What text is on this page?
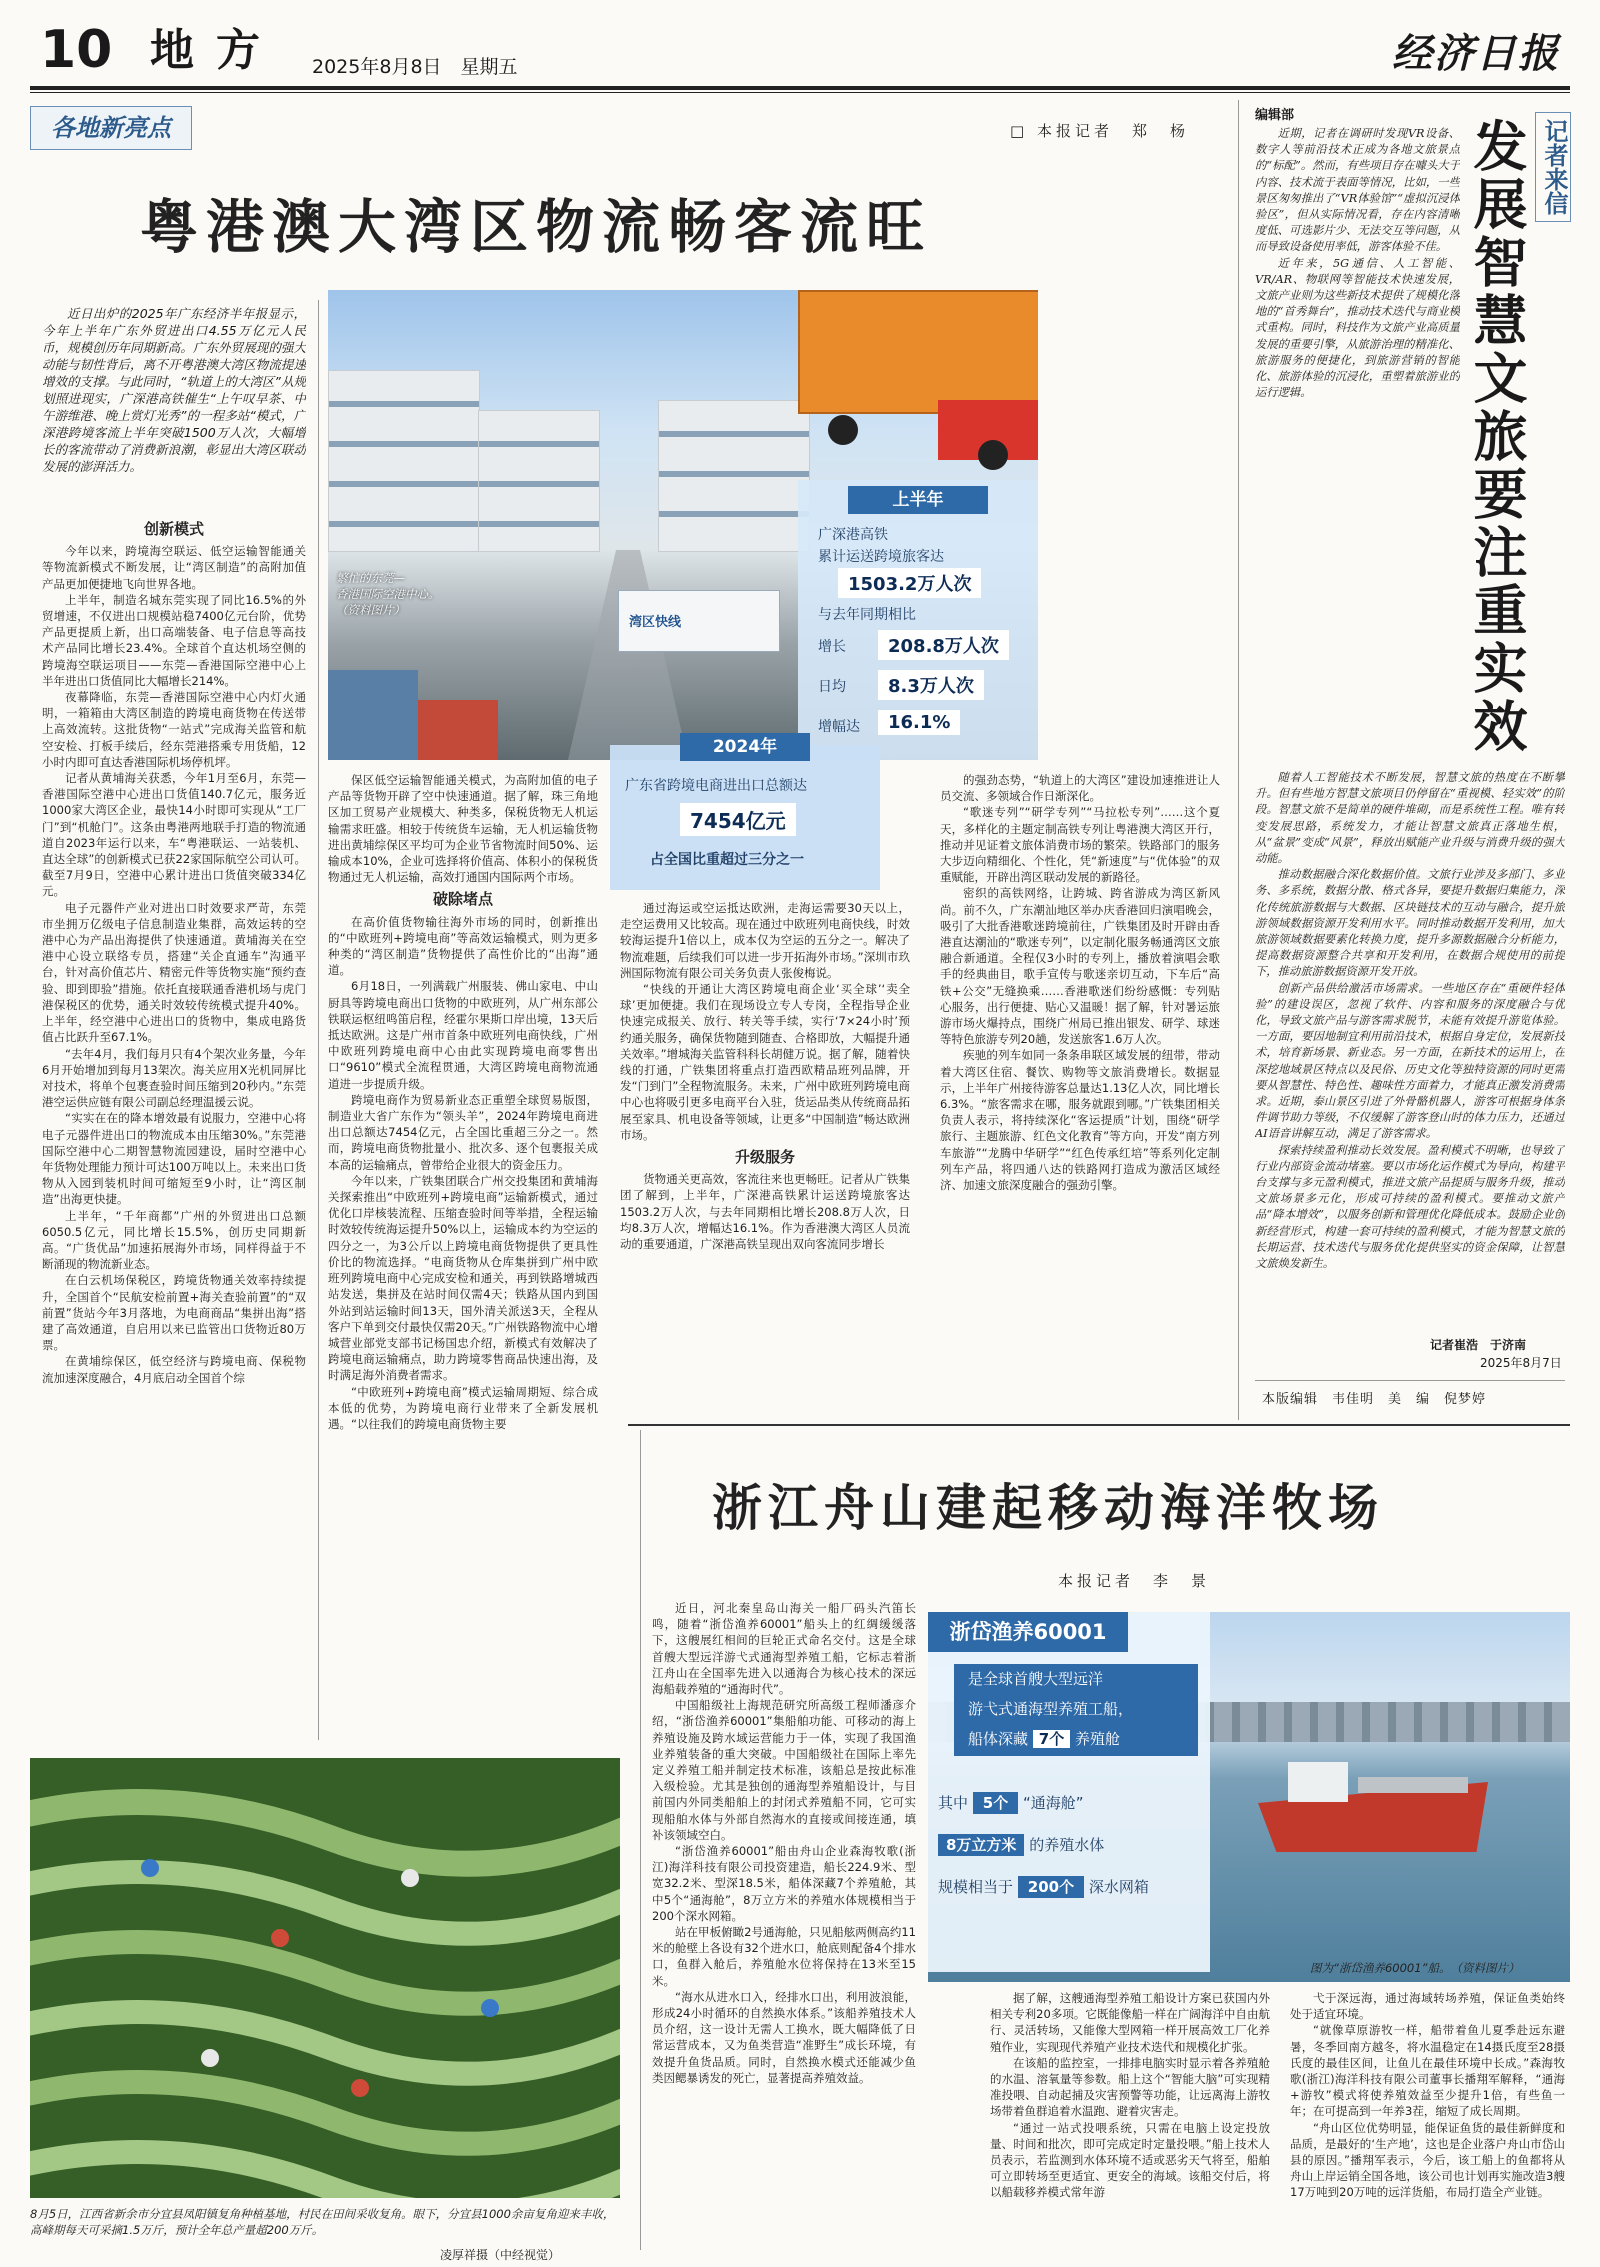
10 地方 2025年8月8日　星期五	经济日报
各地新亮点	□ 本报记者　郑　杨
粤港澳大湾区物流畅客流旺

近日出炉的2025年广东经济半年报显示，今年上半年广东外贸进出口4.55万亿元人民币，规模创历年同期新高。广东外贸展现的强大动能与韧性背后，离不开粤港澳大湾区物流提速增效的支撑。与此同时，“轨道上的大湾区”从规划照进现实，广深港高铁催生“上午叹早茶、中午游维港、晚上赏灯光秀”的一程多站“模式，广深港跨境客流上半年突破1500万人次，大幅增长的客流带动了消费新浪潮，彰显出大湾区联动发展的澎湃活力。

创新模式

今年以来，跨境海空联运、低空运输智能通关等物流新模式不断发展，让“湾区制造”的高附加值产品更加便捷地飞向世界各地。

上半年，制造名城东莞实现了同比16.5%的外贸增速，不仅进出口规模站稳7400亿元台阶，优势产品更提质上新，出口高端装备、电子信息等高技术产品同比增长23.4%。全球首个直达机场空侧的跨境海空联运项目——东莞—香港国际空港中心上半年进出口货值同比大幅增长214%。

夜幕降临，东莞—香港国际空港中心内灯火通明，一箱箱由大湾区制造的跨境电商货物在传送带上高效流转。这批货物“一站式”完成海关监管和航空安检、打板手续后，经东莞港搭乘专用货船，12小时内即可直达香港国际机场停机坪。

记者从黄埔海关获悉，今年1月至6月，东莞—香港国际空港中心进出口货值140.7亿元，服务近1000家大湾区企业，最快14小时即可实现从“工厂门”到“机舱门”。这条由粤港两地联手打造的物流通道自2023年运行以来，车“粤港联运、一站装机、直达全球”的创新模式已获22家国际航空公司认可。截至7月9日，空港中心累计进出口货值突破334亿元。

电子元器件产业对进出口时效要求严苛，东莞市坐拥万亿级电子信息制造业集群，高效运转的空港中心为产品出海提供了快速通道。黄埔海关在空港中心设立联络专员，搭建“关企直通车”沟通平台，针对高价值芯片、精密元件等货物实施“预约查验、即到即验”措施。依托直接联通香港机场与虎门港保税区的优势，通关时效较传统模式提升40%。上半年，经空港中心进出口的货物中，集成电路货值占比跃升至67.1%。

“去年4月，我们每月只有4个架次业务量，今年6月开始增加到每月13架次。海关应用X光机同屏比对技术，将单个包裹查验时间压缩到20秒内。”东莞港空运供应链有限公司副总经理温援云说。

“实实在在的降本增效最有说服力，空港中心将电子元器件进出口的物流成本由压缩30%。”东莞港国际空港中心二期智慧物流园建设，届时空港中心年货物处理能力预计可达100万吨以上。未来出口货物从入园到装机时间可缩短至9小时，让“湾区制造”出海更快捷。

上半年，“千年商都”广州的外贸进出口总额6050.5亿元，同比增长15.5%，创历史同期新高。“广货优品”加速拓展海外市场，同样得益于不断涌现的物流新业态。

在白云机场保税区，跨境货物通关效率持续提升，全国首个“民航安检前置+海关查验前置”的“双前置”货站今年3月落地，为电商商品“集拼出海”搭建了高效通道，自启用以来已监管出口货物近80万票。

在黄埔综保区，低空经济与跨境电商、保税物流加速深度融合，4月底启动全国首个综

湾区快线
繁忙的东莞—
香港国际空港中心。
（资料图片）
上半年
广深港高铁
累计运送跨境旅客达
1503.2万人次
与去年同期相比
增长	208.8万人次
日均	8.3万人次
增幅达	16.1%
2024年
广东省跨境电商进出口总额达
7454亿元
占全国比重超过三分之一

保区低空运输智能通关模式，为高附加值的电子产品等货物开辟了空中快速通道。据了解，珠三角地区加工贸易产业规模大、种类多，保税货物无人机运输需求旺盛。相较于传统货车运输，无人机运输货物进出黄埔综保区平均可为企业节省物流时间50%、运输成本10%，企业可选择将价值高、体积小的保税货物通过无人机运输，高效打通国内国际两个市场。

破除堵点

在高价值货物输往海外市场的同时，创新推出的“中欧班列+跨境电商”等高效运输模式，则为更多种类的“湾区制造”货物提供了高性价比的“出海”通道。

6月18日，一列满载广州服装、佛山家电、中山厨具等跨境电商出口货物的中欧班列，从广州东部公铁联运枢纽鸣笛启程，经霍尔果斯口岸出境，13天后抵达欧洲。这是广州市首条中欧班列电商快线，广州中欧班列跨境电商中心由此实现跨境电商零售出口“9610”模式全流程贯通，大湾区跨境电商物流通道进一步提质升级。

跨境电商作为贸易新业态正重塑全球贸易版图，制造业大省广东作为“领头羊”，2024年跨境电商进出口总额达7454亿元，占全国比重超三分之一。然而，跨境电商货物批量小、批次多、逐个包裹报关成本高的运输痛点，曾带给企业很大的资金压力。

今年以来，广铁集团联合广州交投集团和黄埔海关探索推出“中欧班列+跨境电商”运输新模式，通过优化口岸核装流程、压缩查验时间等举措，全程运输时效较传统海运提升50%以上，运输成本约为空运的四分之一，为3公斤以上跨境电商货物提供了更具性价比的物流选择。“电商货物从仓库集拼到广州中欧班列跨境电商中心完成安检和通关，再到铁路增城西站发送，集拼及在站时间仅需4天；铁路从国内到国外站到站运输时间13天，国外清关派送3天，全程从客户下单到交付最快仅需20天。”广州铁路物流中心增城营业部党支部书记杨国忠介绍，新模式有效解决了跨境电商运输痛点，助力跨境零售商品快速出海，及时满足海外消费者需求。

“中欧班列+跨境电商”模式运输周期短、综合成本低的优势，为跨境电商行业带来了全新发展机遇。“以往我们的跨境电商货物主要

通过海运或空运抵达欧洲，走海运需要30天以上，走空运费用又比较高。现在通过中欧班列电商快线，时效较海运提升1倍以上，成本仅为空运的五分之一。解决了物流难题，后续我们可以进一步开拓海外市场。”深圳市玖洲国际物流有限公司关务负责人张俊梅说。

“快线的开通让大湾区跨境电商企业‘买全球’‘卖全球’更加便捷。我们在现场设立专人专岗，全程指导企业快速完成报关、放行、转关等手续，实行‘7×24小时’预约通关服务，确保货物随到随查、合格即放，大幅提升通关效率。”增城海关监管科科长胡健万说。据了解，随着快线的打通，广铁集团将重点打造西欧精品班列品牌，开发“门到门”全程物流服务。未来，广州中欧班列跨境电商中心也将吸引更多电商平台入驻，货运品类从传统商品拓展至家具、机电设备等领域，让更多“中国制造”畅达欧洲市场。

升级服务

货物通关更高效，客流往来也更畅旺。记者从广铁集团了解到，上半年，广深港高铁累计运送跨境旅客达1503.2万人次，与去年同期相比增长208.8万人次，日均8.3万人次，增幅达16.1%。作为香港澳大湾区人员流动的重要通道，广深港高铁呈现出双向客流同步增长

的强劲态势，“轨道上的大湾区”建设加速推进让人员交流、多领域合作日渐深化。

“歌迷专列”“研学专列”“马拉松专列”……这个夏天，多样化的主题定制高铁专列让粤港澳大湾区开行，推动并见证着文旅体消费市场的繁荣。铁路部门的服务大步迈向精细化、个性化，凭“新速度”与“优体验”的双重赋能，开辟出湾区联动发展的新路径。

密织的高铁网络，让跨城、跨省游成为湾区新风尚。前不久，广东潮汕地区举办庆香港回归演唱晚会，吸引了大批香港歌迷跨境前往，广铁集团及时开辟由香港直达潮汕的“歌迷专列”，以定制化服务畅通湾区文旅融合新通道。全程仅3小时的专列上，播放着演唱会歌手的经典曲目，歌手宣传与歌迷亲切互动，下车后“高铁+公交”无缝换乘……香港歌迷们纷纷感慨：专列贴心服务，出行便捷、贴心又温暖！据了解，针对暑运旅游市场火爆持点，围绕广州局已推出银发、研学、球迷等特色旅游专列20趟，发送旅客1.6万人次。

疾驰的列车如同一条条串联区域发展的纽带，带动着大湾区住宿、餐饮、购物等文旅消费增长。数据显示，上半年广州接待游客总量达1.13亿人次，同比增长6.3%。“旅客需求在哪，服务就跟到哪。”广铁集团相关负责人表示，将持续深化“客运提质”计划，围绕“研学旅行、主题旅游、红色文化教育”等方向，开发“南方列车旅游”“龙腾中华研学”“红色传承红培”等系列化定制列车产品，将四通八达的铁路网打造成为激活区域经济、加速文旅深度融合的强劲引擎。

编辑部
记者来信
发展智慧文旅要注重实效

近期，记者在调研时发现VR设备、数字人等前沿技术正成为各地文旅景点的“标配”。然而，有些项目存在噱头大于内容、技术流于表面等情况，比如，一些景区匆匆推出了“VR体验馆”“虚拟沉浸体验区”，但从实际情况看，存在内容清晰度低、可选影片少、无法交互等问题，从而导致设备使用率低，游客体验不佳。

近年来，5G通信、人工智能、VR/AR、物联网等智能技术快速发展，文旅产业则为这些新技术提供了规模化落地的“首秀舞台”，推动技术迭代与商业模式重构。同时，科技作为文旅产业高质量发展的重要引擎，从旅游治理的精准化、旅游服务的便捷化，到旅游营销的智能化、旅游体验的沉浸化，重塑着旅游业的运行逻辑。

随着人工智能技术不断发展，智慧文旅的热度在不断攀升。但有些地方智慧文旅项目仍停留在“重视模、轻实效”的阶段。智慧文旅不是简单的硬件堆砌，而是系统性工程。唯有转变发展思路，系统发力，才能让智慧文旅真正落地生根，从“盆景”变成“风景”，释放出赋能产业升级与消费升级的强大动能。

推动数据融合深化数据价值。文旅行业涉及多部门、多业务、多系统，数据分散、格式各异，要提升数据归集能力，深化传统旅游数据与大数据、区块链技术的互动与融合，提升旅游领域数据资源开发利用水平。同时推动数据开发利用，加大旅游领域数据要素化转换力度，提升多源数据融合分析能力，提高数据资源整合共享和开发利用，在数据合规使用的前提下，推动旅游数据资源开发开放。

创新产品供给激活市场需求。一些地区存在“重硬件轻体验”的建设误区，忽视了软件、内容和服务的深度融合与优化，导致文旅产品与游客需求脱节，未能有效提升游览体验。一方面，要因地制宜利用前沿技术，根据自身定位，发展新技术，培育新场景、新业态。另一方面，在新技术的运用上，在深挖地域景区特点以及民俗、历史文化等独特资源的同时更需要从智慧性、特色性、趣味性方面着力，才能真正激发消费需求。近期，泰山景区引进了外骨骼机器人，游客可根据身体条件调节助力等级，不仅缓解了游客登山时的体力压力，还通过AI语音讲解互动，满足了游客需求。

探索持续盈利推动长效发展。盈利模式不明晰，也导致了行业内部资金流动堵塞。要以市场化运作模式为导向，构建平台支撑与多元盈利模式，推进文旅产品提质与服务升级，推动文旅场景多元化，形成可持续的盈利模式。要推动文旅产品“降本增效”，以服务创新和管理优化降低成本。鼓励企业创新经营形式，构建一套可持续的盈利模式，才能为智慧文旅的长期运营、技术迭代与服务优化提供坚实的资金保障，让智慧文旅焕发新生。

记者崔浩　于济南
2025年8月7日
本版编辑　韦佳明　美　编　倪梦婷
浙江舟山建起移动海洋牧场
本报记者　李　景

近日，河北秦皇岛山海关一船厂码头汽笛长鸣，随着“浙岱渔养60001”船头上的红绸缓缓落下，这艘展红相间的巨轮正式命名交付。这是全球首艘大型远洋游弋式通海型养殖工船，它标志着浙江舟山在全国率先进入以通海合为核心技术的深远海船载养殖的“通海时代”。

中国船级社上海规范研究所高级工程师潘彦介绍，“浙岱渔养60001”集船舶功能、可移动的海上养殖设施及跨水域运营能力于一体，实现了我国渔业养殖装备的重大突破。中国船级社在国际上率先定义养殖工船并制定技术标准，该船总是按此标准入级检验。尤其是独创的通海型养殖船设计，与目前国内外同类船舶上的封闭式养殖船不同，它可实现船舶水体与外部自然海水的直接或间接连通，填补该领域空白。

“浙岱渔养60001”船由舟山企业森海牧歌(浙江)海洋科技有限公司投资建造，船长224.9米、型宽32.2米、型深18.5米，船体深藏7个养殖舱，其中5个“通海舱”，8万立方米的养殖水体规模相当于200个深水网箱。

站在甲板俯瞰2号通海舱，只见船舷两侧高约11米的舱壁上各设有32个进水口，舱底则配备4个排水口，鱼群入舱后，养殖舱水位将保持在13米至15米。

“海水从进水口入，经排水口出，利用波浪能，形成24小时循环的自然换水体系。”该船养殖技术人员介绍，这一设计无需人工换水，既大幅降低了日常运营成本，又为鱼类营造“准野生”成长环境，有效提升鱼货品质。同时，自然换水模式还能减少鱼类因鳃暴诱发的死亡，显著提高养殖效益。

浙岱渔养60001
是全球首艘大型远洋
游弋式通海型养殖工船，
船体深藏 7个 养殖舱
其中 5个 “通海舱”
8万立方米 的养殖水体
规模相当于 200个 深水网箱
图为“浙岱渔养60001”船。　（资料图片）

据了解，这艘通海型养殖工船设计方案已获国内外相关专利20多项。它既能像船一样在广阔海洋中自由航行、灵活转场，又能像大型网箱一样开展高效工厂化养殖作业，实现现代养殖产业技术迭代和规模化扩张。

在该船的监控室，一排排电脑实时显示着各养殖舱的水温、溶氧量等参数。船上这个“智能大脑”可实现精准投喂、自动起捕及灾害预警等功能，让远离海上游牧场带着鱼群追着水温跑、避着灾害走。

“通过一站式投喂系统，只需在电脑上设定投放量、时间和批次，即可完成定时定量投喂。”船上技术人员表示，若监测到水体环境不适或恶劣天气将至，船舶可立即转场至更适宜、更安全的海域。该船交付后，将以船载移养模式常年游

弋于深远海，通过海域转场养殖，保证鱼类始终处于适宜环境。

“就像草原游牧一样，船带着鱼儿夏季赴远东避暑，冬季回南方越冬，将水温稳定在14摄氏度至28摄氏度的最佳区间，让鱼儿在最佳环境中长成。”森海牧歌(浙江)海洋科技有限公司董事长播翔军解释，“通海+游牧”模式将使养殖效益至少提升1倍，有些鱼一年；在可提高到一年养3茬，缩短了成长周期。

“舟山区位优势明显，能保证鱼货的最佳新鲜度和品质，是最好的‘生产地’，这也是企业落户舟山市岱山县的原因。”播翔军表示，今后，该工船上的鱼都将从舟山上岸运销全国各地，该公司也计划再实施改造3艘17万吨到20万吨的远洋货船，布局打造全产业链。

8月5日，江西省新余市分宜县凤阳镇复角种植基地，村民在田间采收复角。眼下，分宜县1000余亩复角迎来丰收，高峰期每天可采摘1.5万斤，预计全年总产量超200万斤。
凌厚祥摄（中经视觉）
